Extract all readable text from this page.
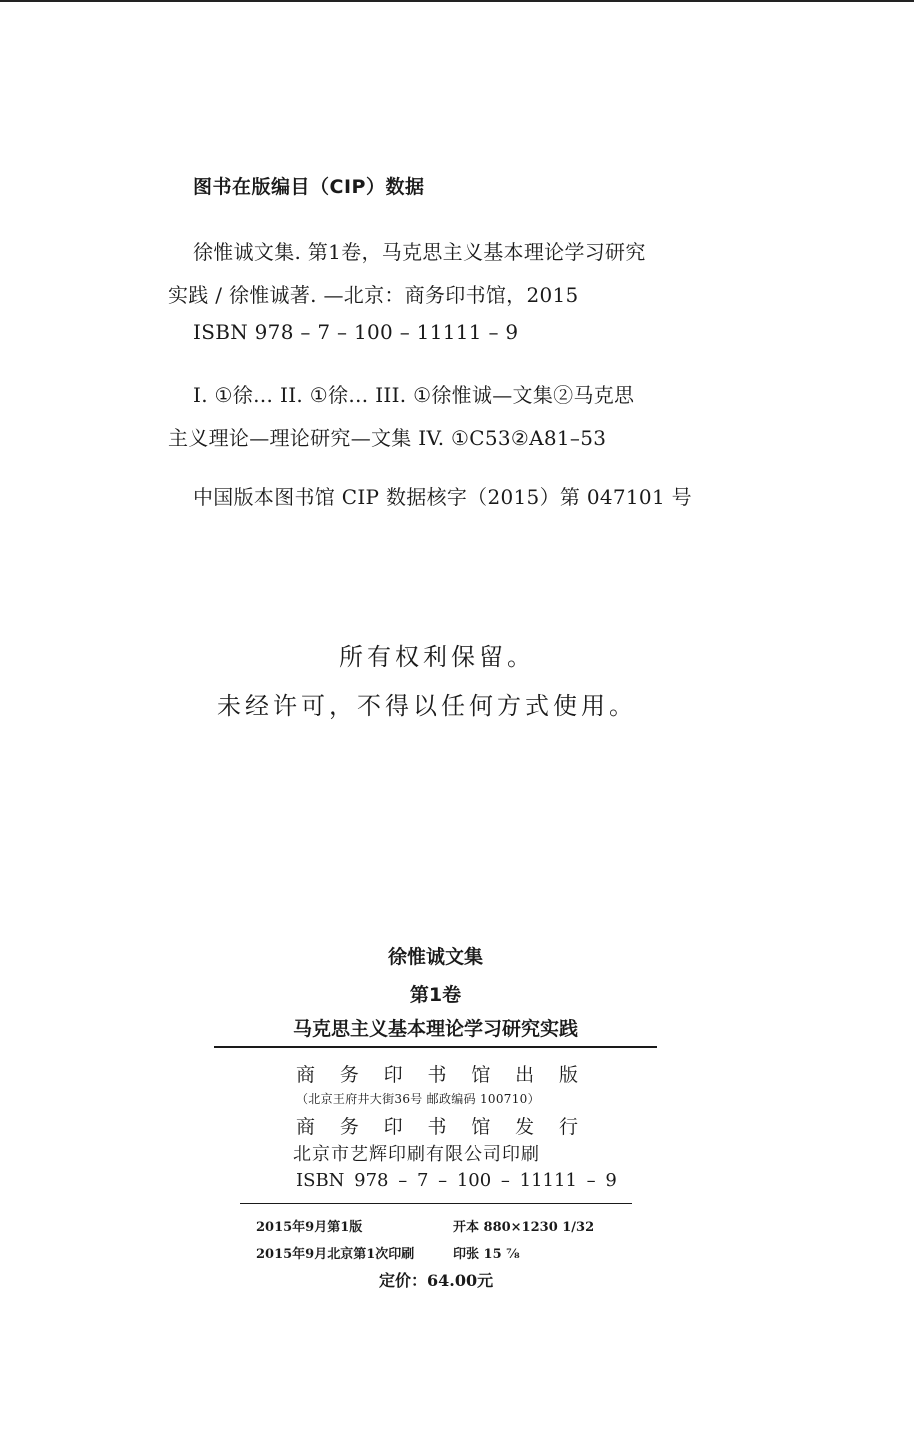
图书在版编目（CIP）数据
徐惟诚文集. 第1卷，马克思主义基本理论学习研究
实践 / 徐惟诚著. —北京：商务印书馆，2015
ISBN 978 – 7 – 100 – 11111 – 9
I. ①徐… II. ①徐… III. ①徐惟诚—文集②马克思
主义理论—理论研究—文集 IV. ①C53②A81–53
中国版本图书馆 CIP 数据核字（2015）第 047101 号
所有权利保留。
未经许可，不得以任何方式使用。
徐惟诚文集
第1卷
马克思主义基本理论学习研究实践
商务印书馆出版
（北京王府井大街36号 邮政编码 100710）
商务印书馆发行
北京市艺辉印刷有限公司印刷
ISBN 978 – 7 – 100 – 11111 – 9
2015年9月第1版	开本 880×1230 1/32
2015年9月北京第1次印刷	印张 15 ⁷⁄₈
定价：64.00元
